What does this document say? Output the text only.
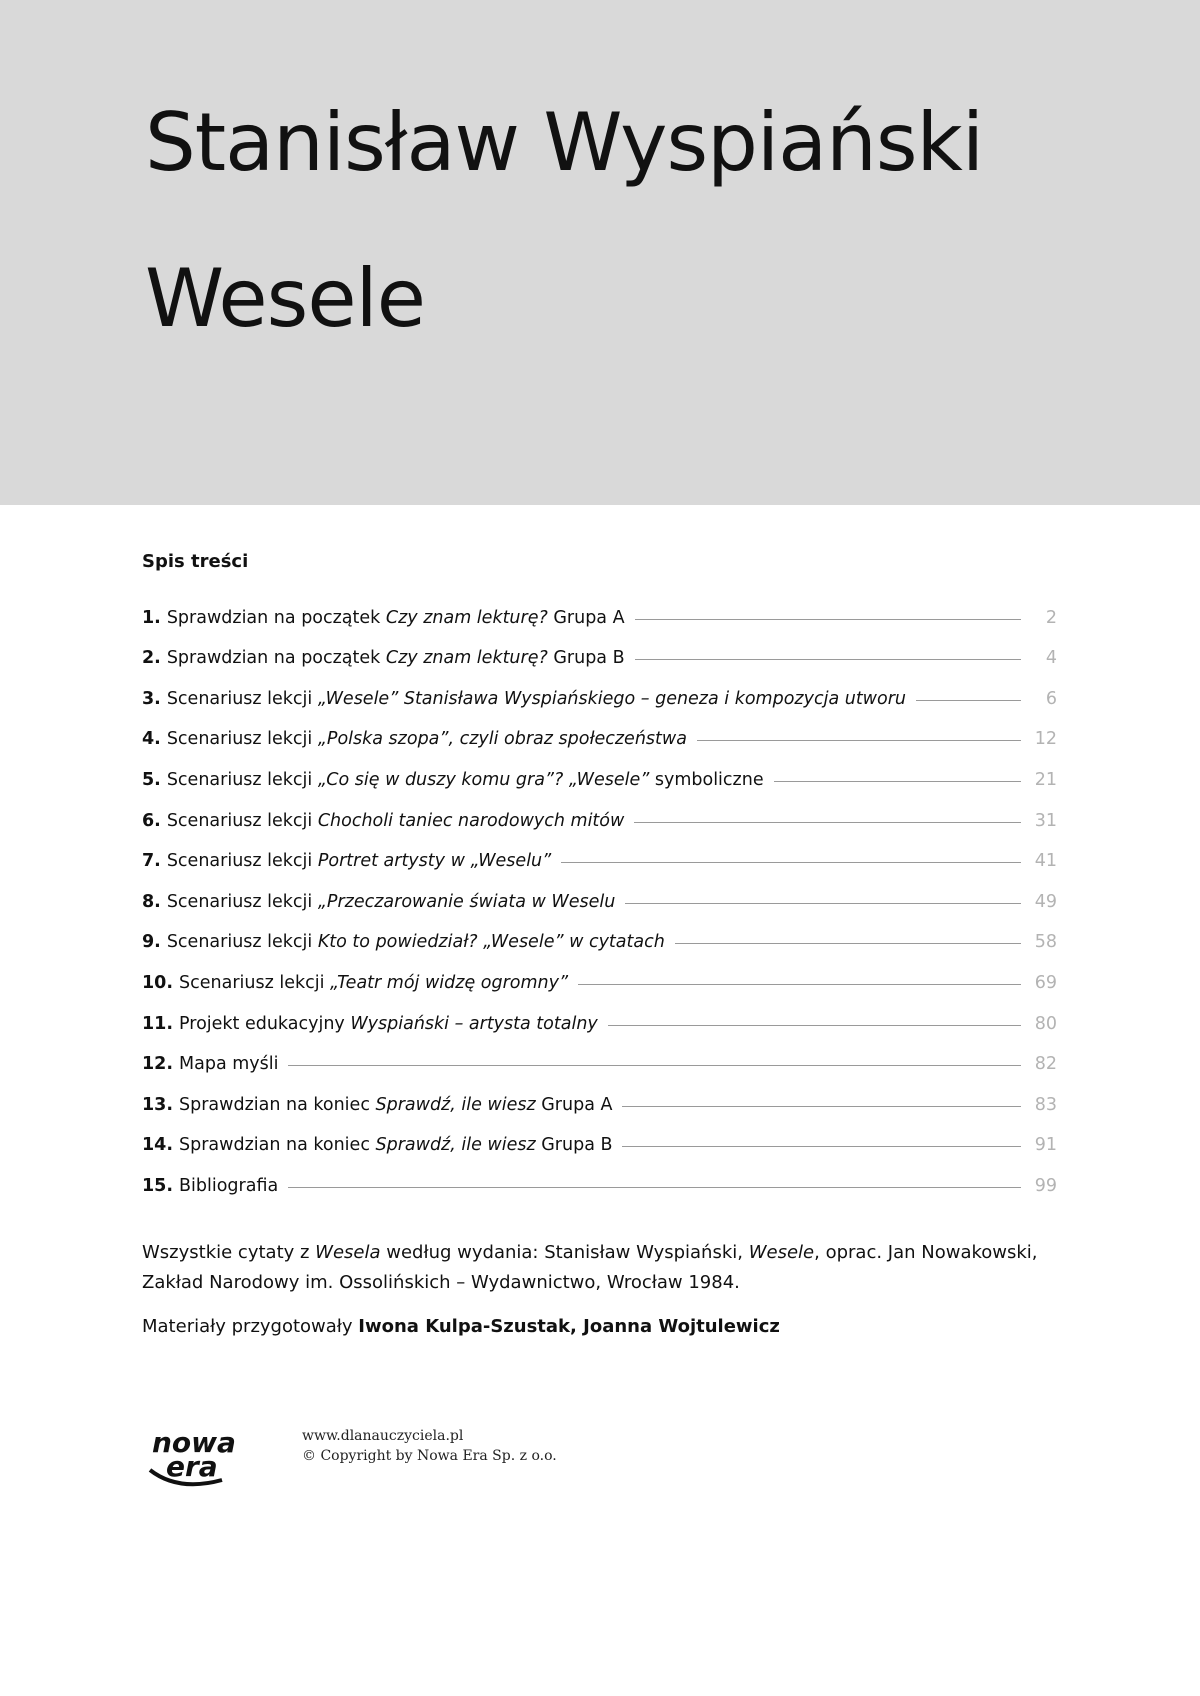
Stanisław Wyspiański
Wesele
Spis treści
1. Sprawdzian na początek Czy znam lekturę? Grupa A	2
2. Sprawdzian na początek Czy znam lekturę? Grupa B	4
3. Scenariusz lekcji „Wesele” Stanisława Wyspiańskiego – geneza i kompozycja utworu	6
4. Scenariusz lekcji „Polska szopa”, czyli obraz społeczeństwa	12
5. Scenariusz lekcji „Co się w duszy komu gra”? „Wesele” symboliczne	21
6. Scenariusz lekcji Chocholi taniec narodowych mitów	31
7. Scenariusz lekcji Portret artysty w „Weselu”	41
8. Scenariusz lekcji „Przeczarowanie świata w Weselu	49
9. Scenariusz lekcji Kto to powiedział? „Wesele” w cytatach	58
10. Scenariusz lekcji „Teatr mój widzę ogromny”	69
11. Projekt edukacyjny Wyspiański – artysta totalny	80
12. Mapa myśli	82
13. Sprawdzian na koniec Sprawdź, ile wiesz Grupa A	83
14. Sprawdzian na koniec Sprawdź, ile wiesz Grupa B	91
15. Bibliografia	99

Wszystkie cytaty z Wesela według wydania: Stanisław Wyspiański, Wesele, oprac. Jan Nowakowski, Zakład Narodowy im. Ossolińskich – Wydawnictwo, Wrocław 1984.

Materiały przygotowały Iwona Kulpa-Szustak, Joanna Wojtulewicz

nowa
era
www.dlanauczyciela.pl
© Copyright by Nowa Era Sp. z o.o.
